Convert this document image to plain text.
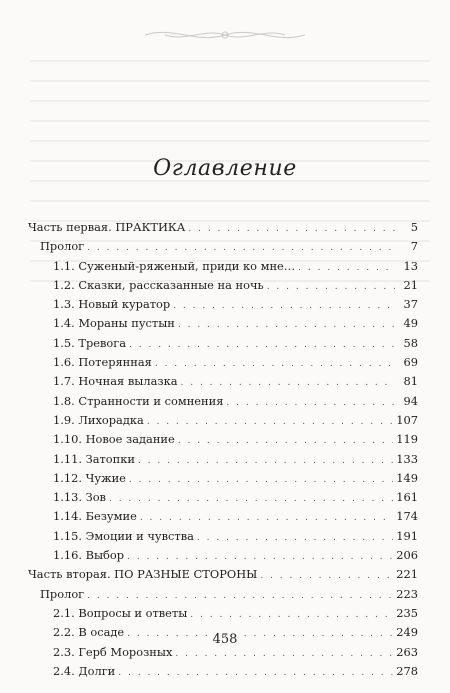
Оглавление
Часть первая. ПРАКТИКА . . .	5
Пролог . . .	7
1.1. Суженый-ряженый, приди ко мне… . . .	13
1.2. Сказки, рассказанные на ночь . . .	21
1.3. Новый куратор . . .	37
1.4. Мораны пустын . . .	49
1.5. Тревога . . .	58
1.6. Потерянная . . .	69
1.7. Ночная вылазка . . .	81
1.8. Странности и сомнения . . .	94
1.9. Лихорадка . . .	107
1.10. Новое задание . . .	119
1.11. Затопки . . .	133
1.12. Чужие . . .	149
1.13. Зов . . .	161
1.14. Безумие . . .	174
1.15. Эмоции и чувства . . .	191
1.16. Выбор . . .	206
Часть вторая. ПО РАЗНЫЕ СТОРОНЫ . . .	221
Пролог . . .	223
2.1. Вопросы и ответы . . .	235
2.2. В осаде . . .	249
2.3. Герб Морозных . . .	263
2.4. Долги . . .	278
458
